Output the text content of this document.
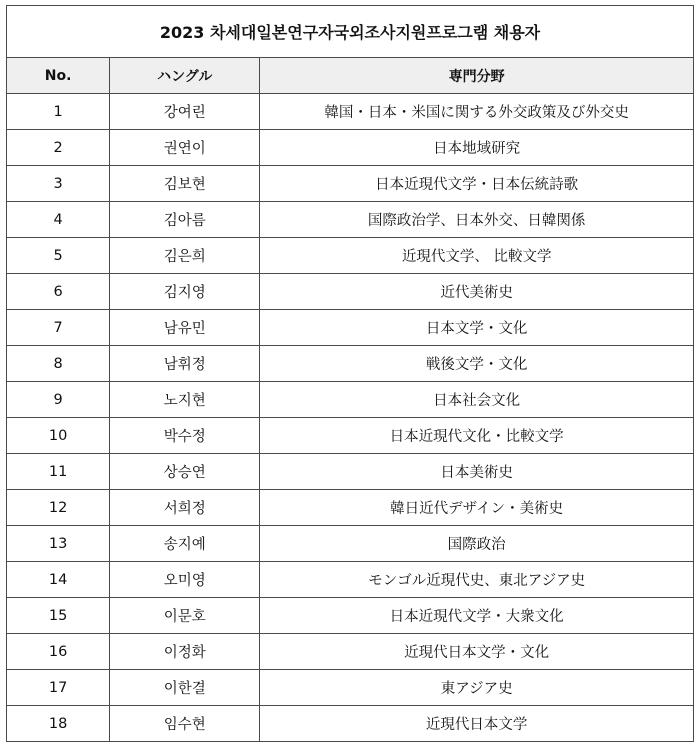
2023 차세대일본연구자국외조사지원프로그램 채용자		
No.	ハングル	専門分野
1	강여린	韓国・日本・米国に関する外交政策及び外交史
2	권연이	日本地域研究
3	김보현	日本近現代文学・日本伝統詩歌
4	김아름	国際政治学、日本外交、日韓関係
5	김은희	近現代文学、 比較文学
6	김지영	近代美術史
7	남유민	日本文学・文化
8	남휘정	戦後文学・文化
9	노지현	日本社会文化
10	박수정	日本近現代文化・比較文学
11	상승연	日本美術史
12	서희정	韓日近代デザイン・美術史
13	송지예	国際政治
14	오미영	モンゴル近現代史、東北アジア史
15	이문호	日本近現代文学・大衆文化
16	이정화	近現代日本文学・文化
17	이한결	東アジア史
18	임수현	近現代日本文学
